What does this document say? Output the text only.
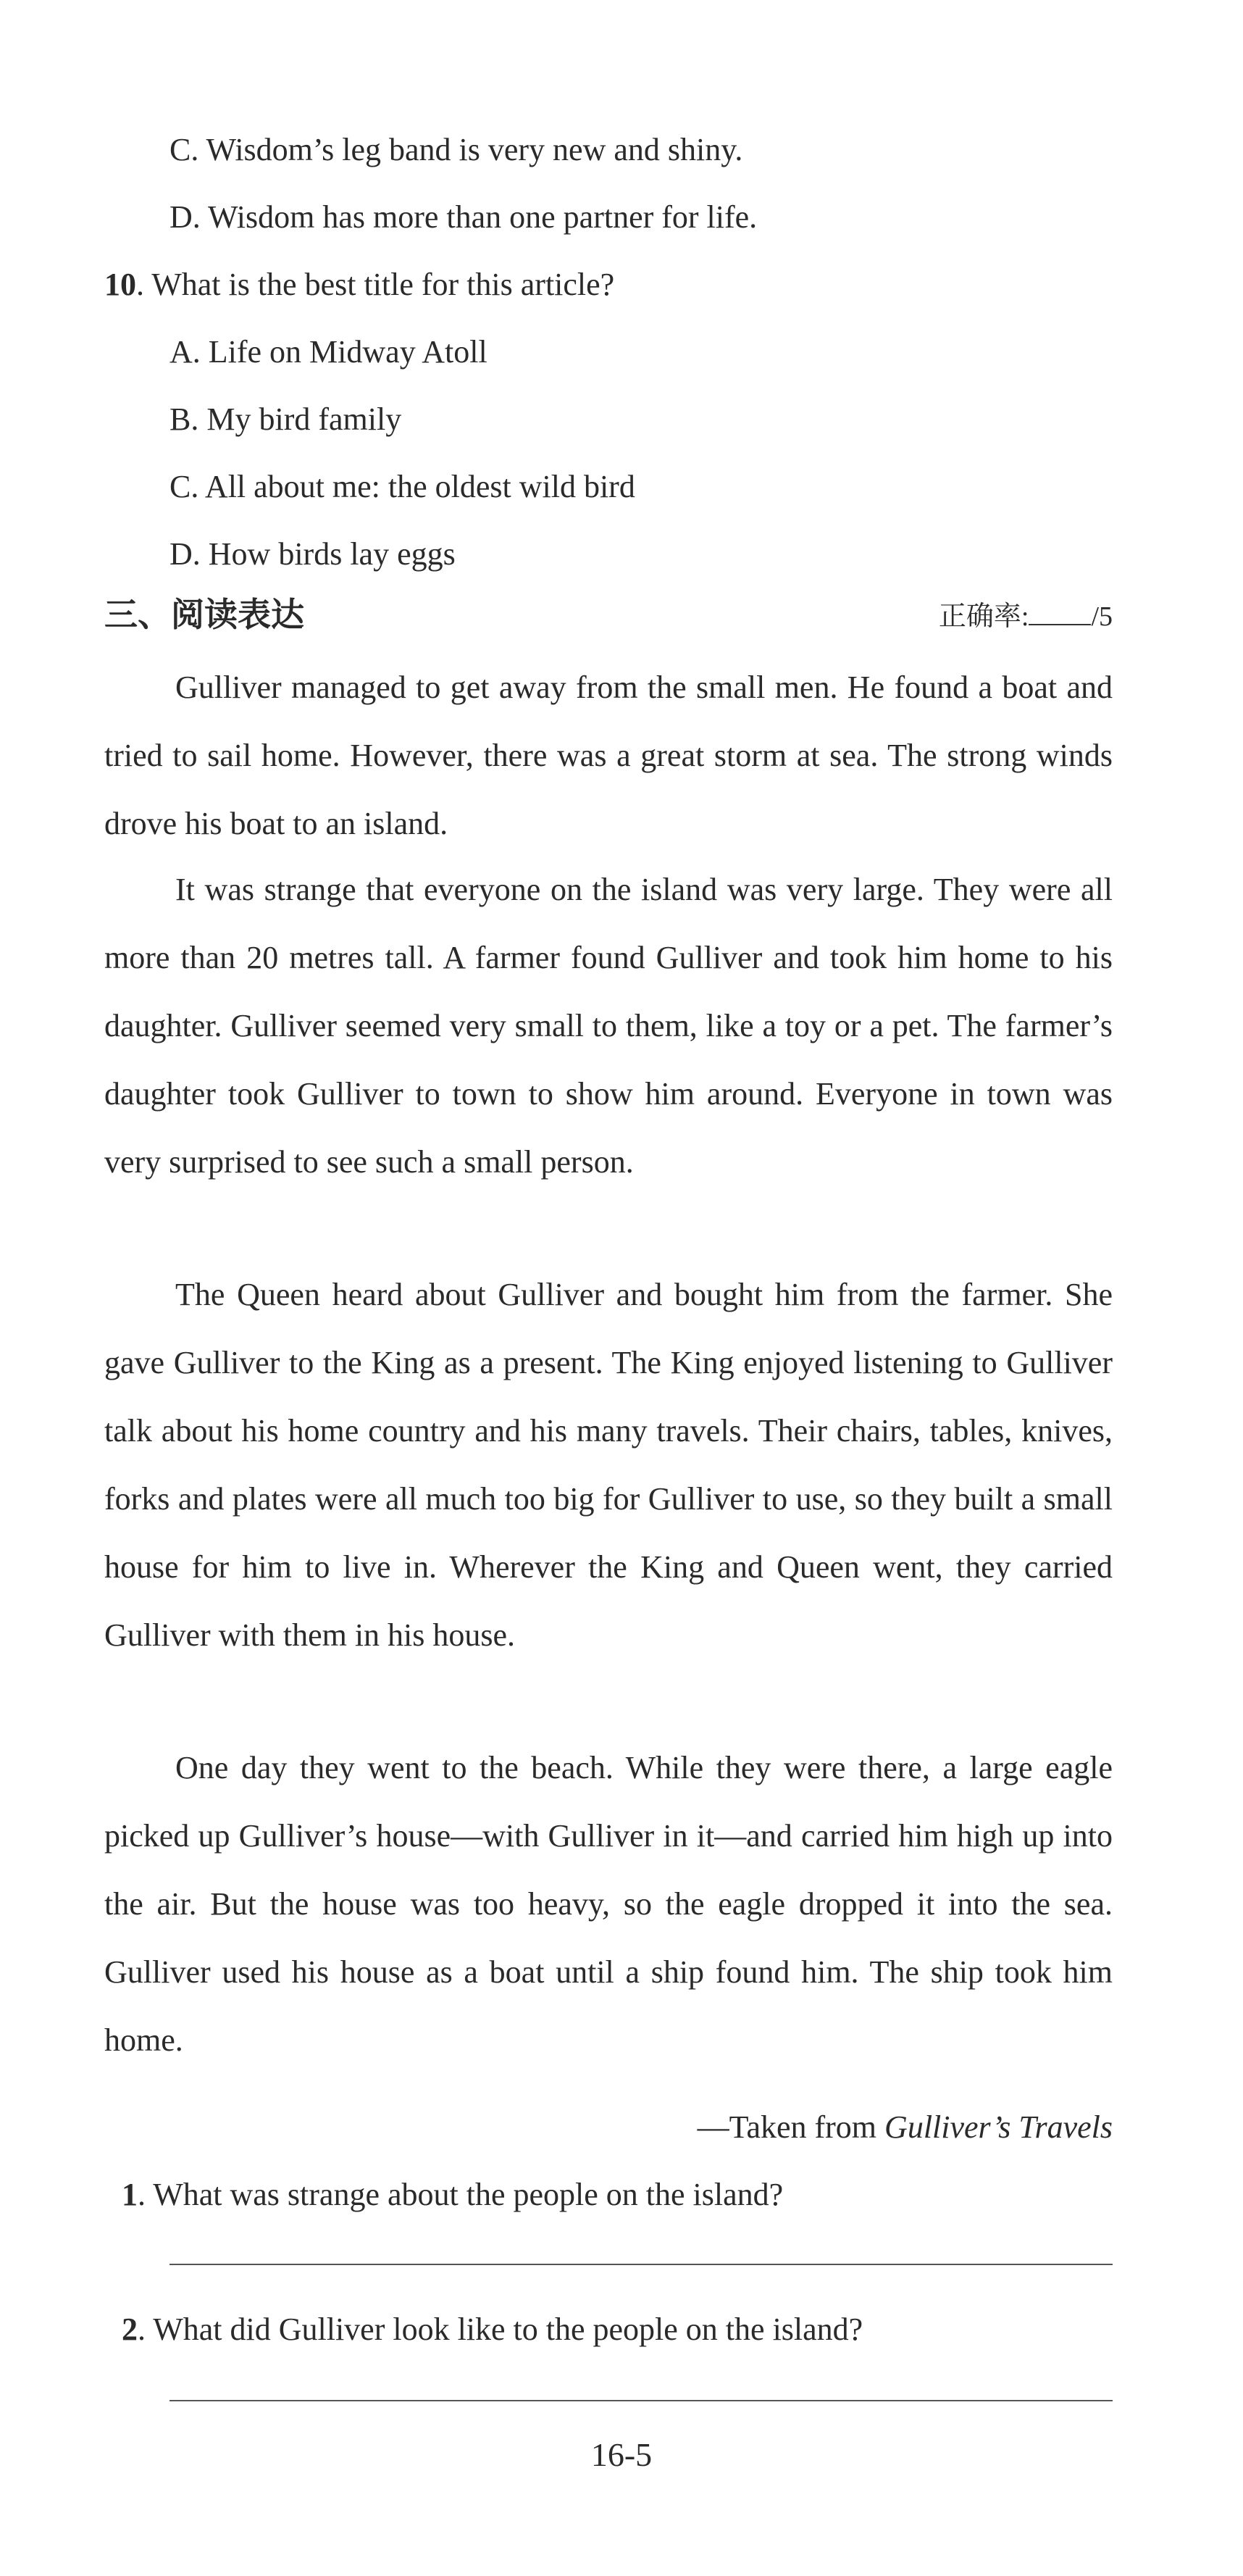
C. Wisdom’s leg band is very new and shiny.
D. Wisdom has more than one partner for life.
10. What is the best title for this article?
A. Life on Midway Atoll
B. My bird family
C. All about me: the oldest wild bird
D. How birds lay eggs
三、阅读表达	正确率: /5

Gulliver managed to get away from the small men. He found a boat and tried to sail home. However, there was a great storm at sea. The strong winds drove his boat to an island.

It was strange that everyone on the island was very large. They were all more than 20 metres tall. A farmer found Gulliver and took him home to his daughter. Gulliver seemed very small to them, like a toy or a pet. The farmer’s daughter took Gulliver to town to show him around. Everyone in town was very surprised to see such a small person.

The Queen heard about Gulliver and bought him from the farmer. She gave Gulliver to the King as a present. The King enjoyed listening to Gulliver talk about his home country and his many travels. Their chairs, tables, knives, forks and plates were all much too big for Gulliver to use, so they built a small house for him to live in. Wherever the King and Queen went, they carried Gulliver with them in his house.

One day they went to the beach. While they were there, a large eagle picked up Gulliver’s house—with Gulliver in it—and carried him high up into the air. But the house was too heavy, so the eagle dropped it into the sea. Gulliver used his house as a boat until a ship found him. The ship took him home.

—Taken from Gulliver’s Travels
1. What was strange about the people on the island?
2. What did Gulliver look like to the people on the island?
16-5
